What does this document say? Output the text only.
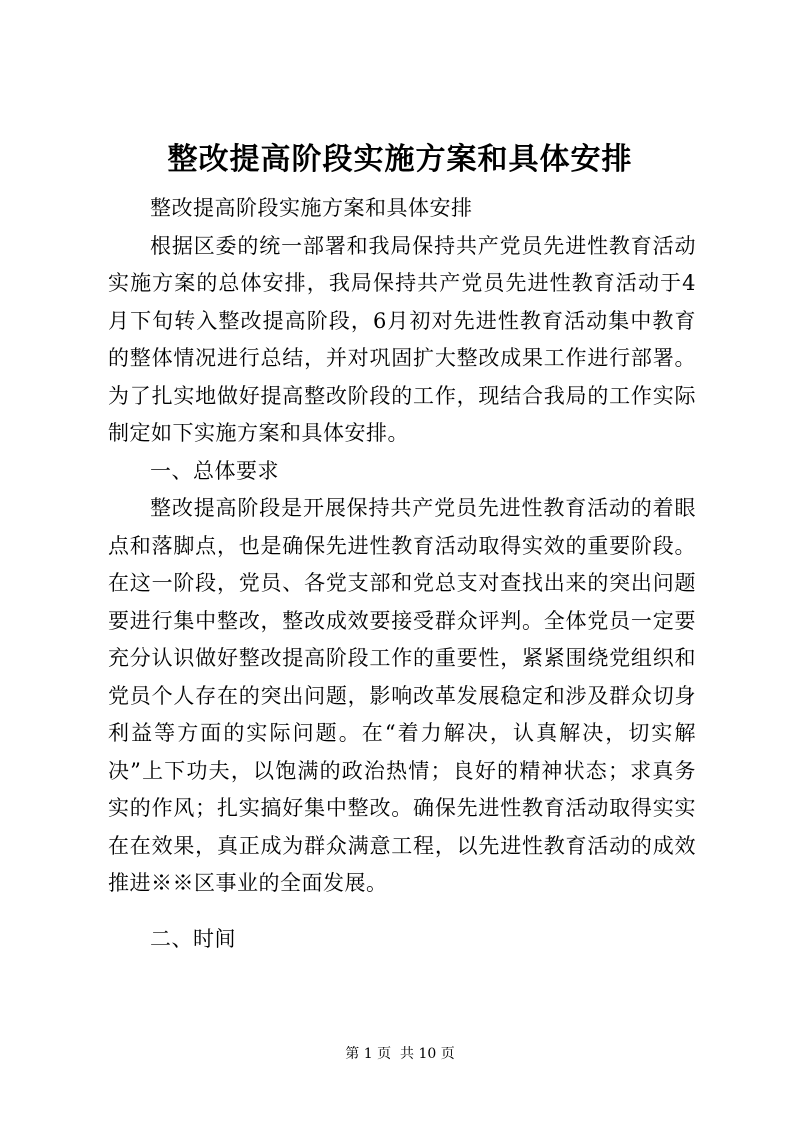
整改提高阶段实施方案和具体安排

整改提高阶段实施方案和具体安排

根据区委的统一部署和我局保持共产党员先进性教育活动实施方案的总体安排，我局保持共产党员先进性教育活动于4月下旬转入整改提高阶段，6月初对先进性教育活动集中教育的整体情况进行总结，并对巩固扩大整改成果工作进行部署。为了扎实地做好提高整改阶段的工作，现结合我局的工作实际制定如下实施方案和具体安排。

一、总体要求

整改提高阶段是开展保持共产党员先进性教育活动的着眼点和落脚点，也是确保先进性教育活动取得实效的重要阶段。在这一阶段，党员、各党支部和党总支对查找出来的突出问题要进行集中整改，整改成效要接受群众评判。全体党员一定要充分认识做好整改提高阶段工作的重要性，紧紧围绕党组织和党员个人存在的突出问题，影响改革发展稳定和涉及群众切身利益等方面的实际问题。在“着力解决，认真解决，切实解决”上下功夫，以饱满的政治热情；良好的精神状态；求真务实的作风；扎实搞好集中整改。确保先进性教育活动取得实实在在效果，真正成为群众满意工程，以先进性教育活动的成效推进※※区事业的全面发展。

二、时间

第 1 页  共 10 页
